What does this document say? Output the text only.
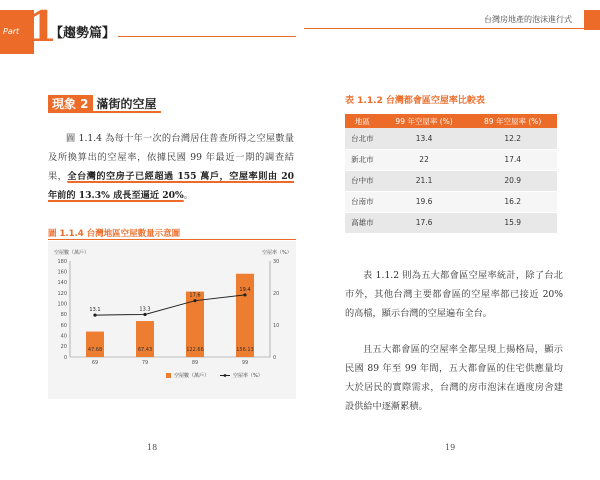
Part 1
【趨勢篇】
台灣房地產的泡沫進行式
現象 2 滿街的空屋

圖 1.1.4 為每十年一次的台灣居住普查所得之空屋數量及所換算出的空屋率，依據民國 99 年最近一期的調查結果，全台灣的空房子已經超過 155 萬戶，空屋率則由 20 年前的 13.3% 成長至逼近 20%。

圖 1.1.4 台灣地區空屋數量示意圖
空屋數（萬戶）	空屋率（%）
0
20
40
60
80
100
120
140
160
180
0
10
20
30
47.68
69
67.43
79
122.66
89
156.13
99
13.1	13.3
17.6
19.4
空屋數（萬戶）	空屋率（%）
18
表 1.1.2 台灣都會區空屋率比較表
地區	99 年空屋率 (%)	89 年空屋率 (%)
台北市	13.4	12.2
新北市	22	17.4
台中市	21.1	20.9
台南市	19.6	16.2
高雄市	17.6	15.9

表 1.1.2 則為五大都會區空屋率統計，除了台北市外，其他台灣主要都會區的空屋率都已接近 20% 的高檔，顯示台灣的空屋遍布全台。

且五大都會區的空屋率全都呈現上揚格局，顯示民國 89 年至 99 年間，五大都會區的住宅供應量均大於居民的實際需求，台灣的房市泡沫在過度房舍建設供給中逐漸累積。

19
